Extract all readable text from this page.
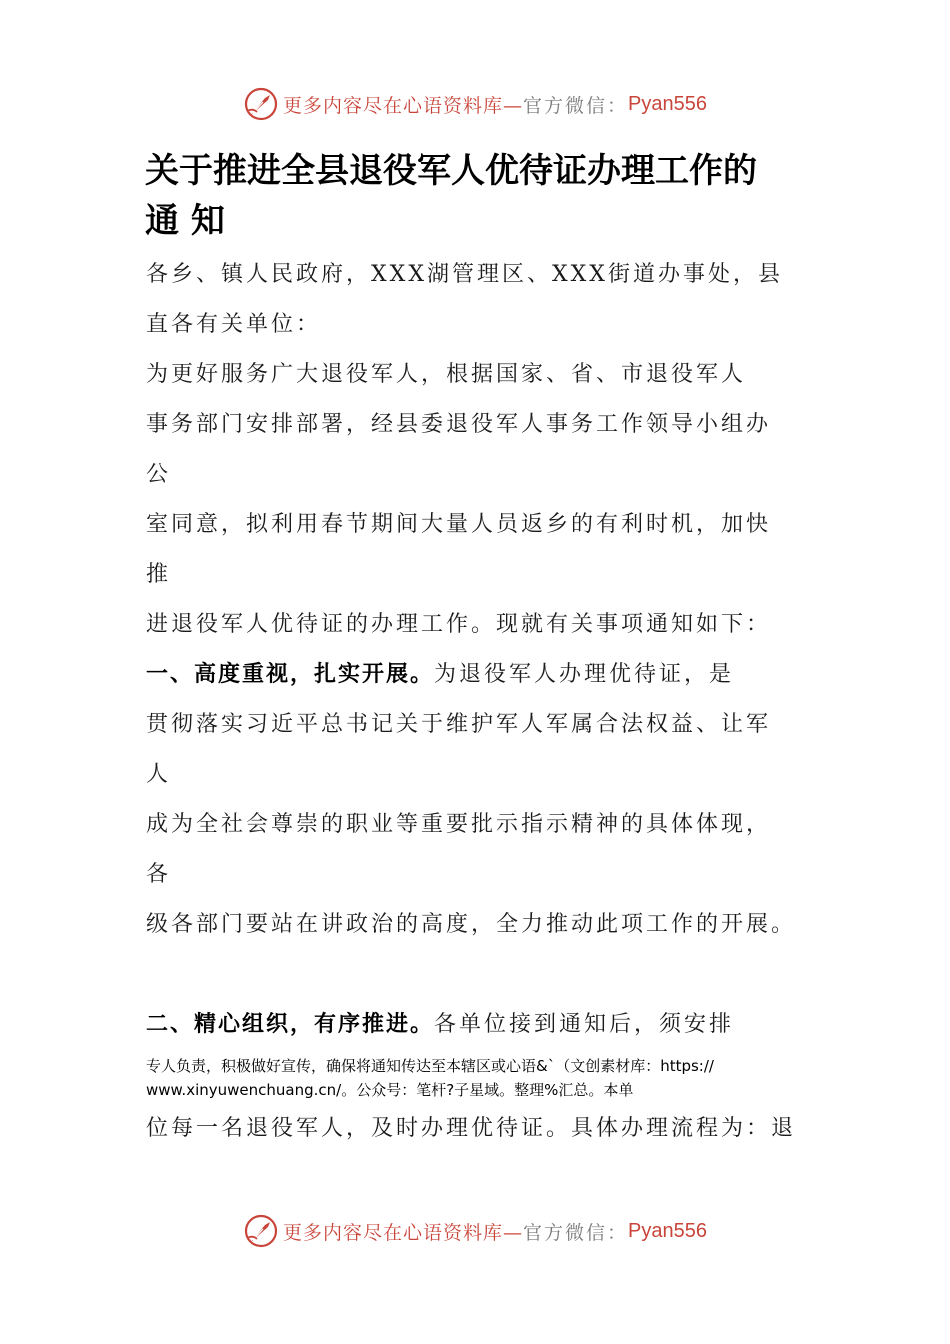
更多内容尽在心语资料库— 官方微信： Pyan556
关于推进全县退役军人优待证办理工作的
通 知
各乡、镇人民政府，XXX湖管理区、XXX街道办事处，县
直各有关单位：
为更好服务广大退役军人，根据国家、省、市退役军人
事务部门安排部署，经县委退役军人事务工作领导小组办
公
室同意，拟利用春节期间大量人员返乡的有利时机，加快
推
进退役军人优待证的办理工作。现就有关事项通知如下：
一、高度重视，扎实开展。为退役军人办理优待证，是
贯彻落实习近平总书记关于维护军人军属合法权益、让军
人
成为全社会尊崇的职业等重要批示指示精神的具体体现，
各
级各部门要站在讲政治的高度，全力推动此项工作的开展。
二、精心组织，有序推进。各单位接到通知后，须安排
专人负责，积极做好宣传，确保将通知传达至本辖区或心语&`（文创素材库：https://
www.xinyuwenchuang.cn/。公众号：笔杆?子星域。整理%汇总。本单
位每一名退役军人，及时办理优待证。具体办理流程为：退
更多内容尽在心语资料库— 官方微信： Pyan556
